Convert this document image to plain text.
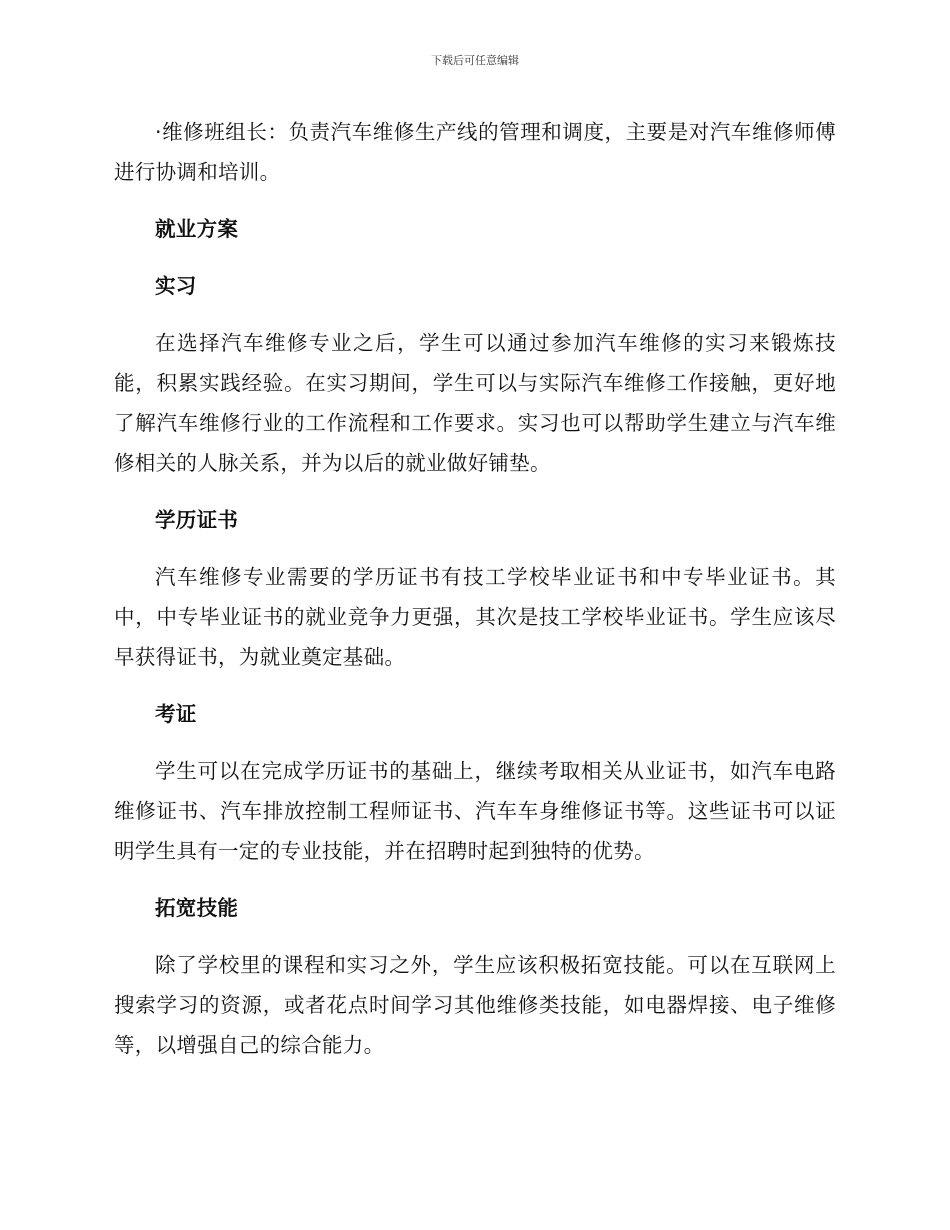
下载后可任意编辑

·维修班组长：负责汽车维修生产线的管理和调度，主要是对汽车维修师傅进行协调和培训。

就业方案
实习

在选择汽车维修专业之后，学生可以通过参加汽车维修的实习来锻炼技能，积累实践经验。在实习期间，学生可以与实际汽车维修工作接触，更好地了解汽车维修行业的工作流程和工作要求。实习也可以帮助学生建立与汽车维修相关的人脉关系，并为以后的就业做好铺垫。

学历证书

汽车维修专业需要的学历证书有技工学校毕业证书和中专毕业证书。其中，中专毕业证书的就业竞争力更强，其次是技工学校毕业证书。学生应该尽早获得证书，为就业奠定基础。

考证

学生可以在完成学历证书的基础上，继续考取相关从业证书，如汽车电路维修证书、汽车排放控制工程师证书、汽车车身维修证书等。这些证书可以证明学生具有一定的专业技能，并在招聘时起到独特的优势。

拓宽技能

除了学校里的课程和实习之外，学生应该积极拓宽技能。可以在互联网上搜索学习的资源，或者花点时间学习其他维修类技能，如电器焊接、电子维修等，以增强自己的综合能力。
